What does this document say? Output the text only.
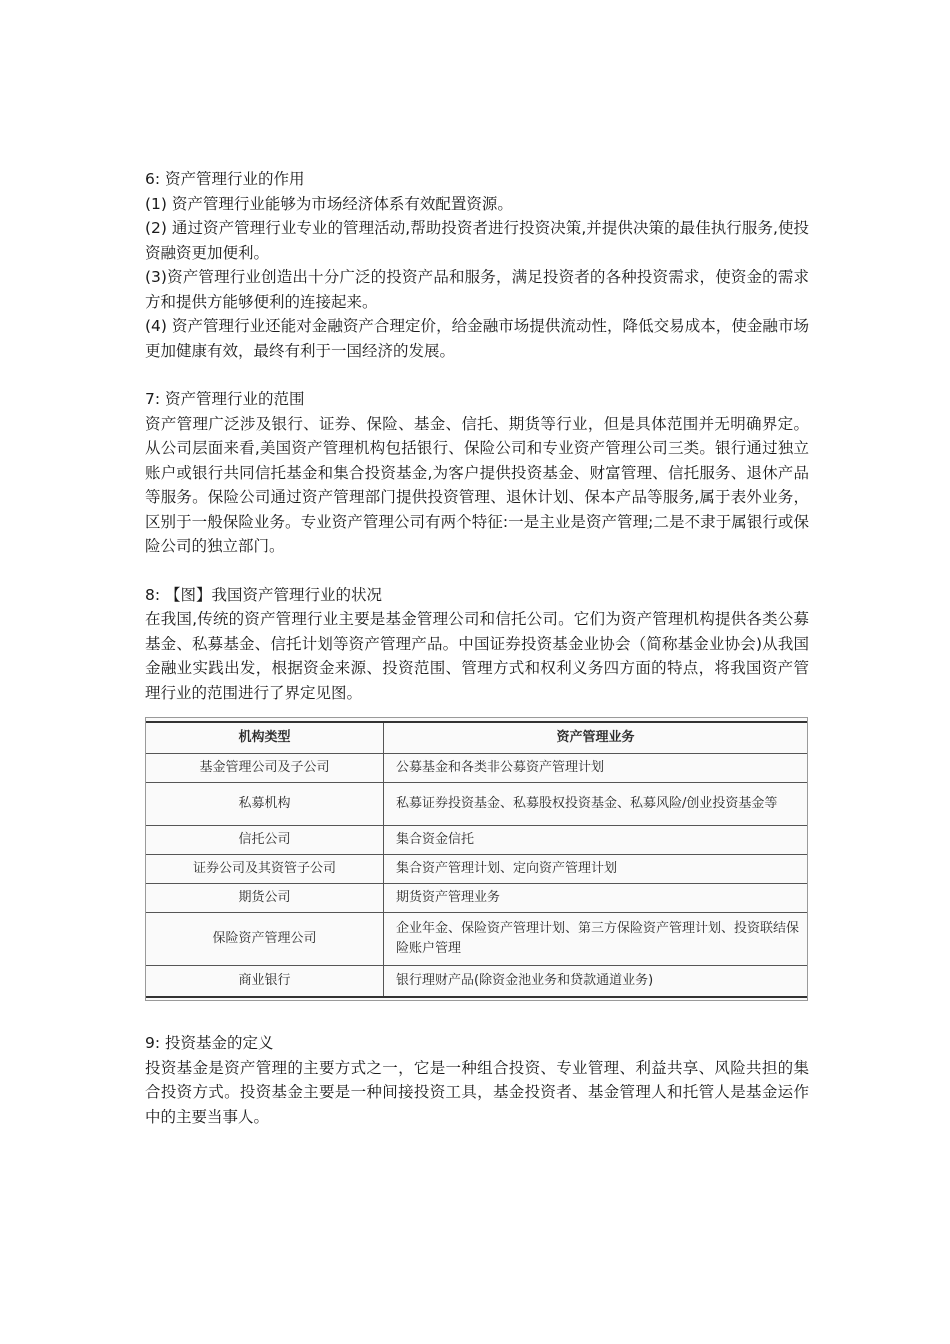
6: 资产管理行业的作用

(1) 资产管理行业能够为市场经济体系有效配置资源。

(2) 通过资产管理行业专业的管理活动,帮助投资者进行投资决策,并提供决策的最佳执行服务,使投资融资更加便利。

(3)资产管理行业创造出十分广泛的投资产品和服务，满足投资者的各种投资需求，使资金的需求方和提供方能够便利的连接起来。

(4) 资产管理行业还能对金融资产合理定价，给金融市场提供流动性，降低交易成本，使金融市场更加健康有效，最终有利于一国经济的发展。

7: 资产管理行业的范围

资产管理广泛涉及银行、证券、保险、基金、信托、期货等行业，但是具体范围并无明确界定。从公司层面来看,美国资产管理机构包括银行、保险公司和专业资产管理公司三类。银行通过独立账户或银行共同信托基金和集合投资基金,为客户提供投资基金、财富管理、信托服务、退休产品等服务。保险公司通过资产管理部门提供投资管理、退休计划、保本产品等服务,属于表外业务，区别于一般保险业务。专业资产管理公司有两个特征:一是主业是资产管理;二是不隶于属银行或保险公司的独立部门。

8: 【图】我国资产管理行业的状况

在我国,传统的资产管理行业主要是基金管理公司和信托公司。它们为资产管理机构提供各类公募基金、私募基金、信托计划等资产管理产品。中国证券投资基金业协会（简称基金业协会)从我国金融业实践出发，根据资金来源、投资范围、管理方式和权利义务四方面的特点，将我国资产管理行业的范围进行了界定见图。

机构类型	资产管理业务
基金管理公司及子公司	公募基金和各类非公募资产管理计划
私募机构	私募证券投资基金、私募股权投资基金、私募风险/创业投资基金等
信托公司	集合资金信托
证券公司及其资管子公司	集合资产管理计划、定向资产管理计划
期货公司	期货资产管理业务
保险资产管理公司	企业年金、保险资产管理计划、第三方保险资产管理计划、投资联结保险账户管理
商业银行	银行理财产品(除资金池业务和贷款通道业务)

9: 投资基金的定义

投资基金是资产管理的主要方式之一，它是一种组合投资、专业管理、利益共享、风险共担的集合投资方式。投资基金主要是一种间接投资工具，基金投资者、基金管理人和托管人是基金运作中的主要当事人。
